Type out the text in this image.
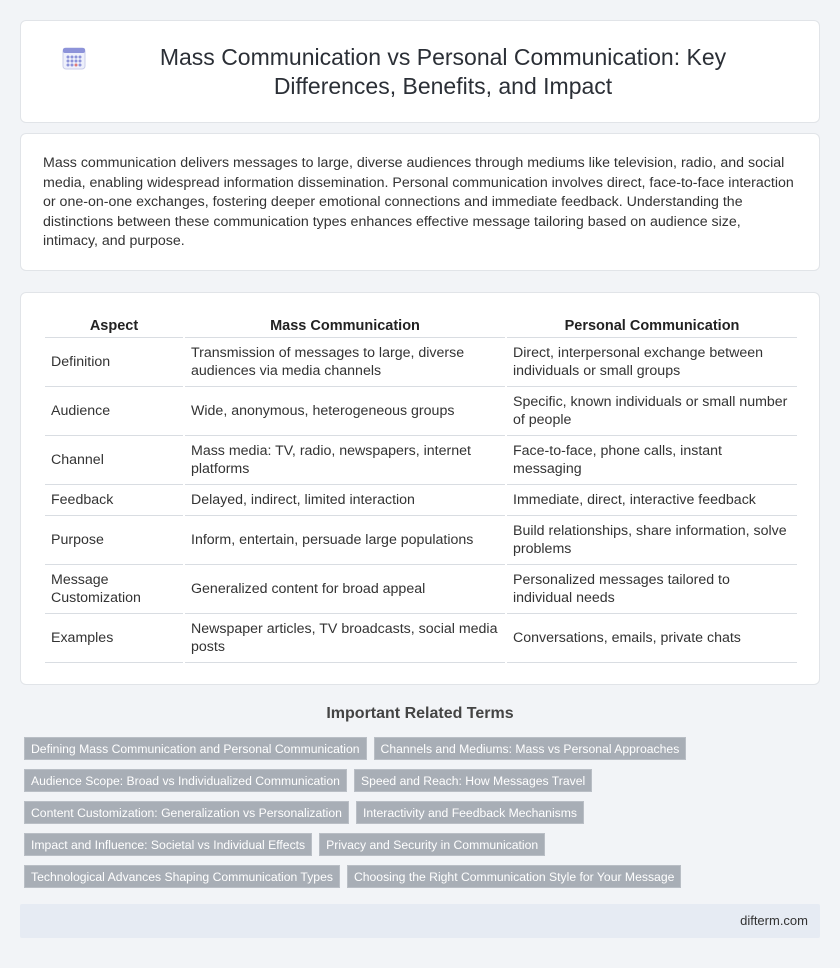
Mass Communication vs Personal Communication: Key Differences, Benefits, and Impact

Mass communication delivers messages to large, diverse audiences through mediums like television, radio, and social media, enabling widespread information dissemination. Personal communication involves direct, face-to-face interaction or one-on-one exchanges, fostering deeper emotional connections and immediate feedback. Understanding the distinctions between these communication types enhances effective message tailoring based on audience size, intimacy, and purpose.

Aspect	Mass Communication	Personal Communication
Definition	Transmission of messages to large, diverse audiences via media channels	Direct, interpersonal exchange between individuals or small groups
Audience	Wide, anonymous, heterogeneous groups	Specific, known individuals or small number of people
Channel	Mass media: TV, radio, newspapers, internet platforms	Face-to-face, phone calls, instant messaging
Feedback	Delayed, indirect, limited interaction	Immediate, direct, interactive feedback
Purpose	Inform, entertain, persuade large populations	Build relationships, share information, solve problems
Message Customization	Generalized content for broad appeal	Personalized messages tailored to individual needs
Examples	Newspaper articles, TV broadcasts, social media posts	Conversations, emails, private chats
Important Related Terms
Defining Mass Communication and Personal Communication	Channels and Mediums: Mass vs Personal Approaches
Audience Scope: Broad vs Individualized Communication	Speed and Reach: How Messages Travel
Content Customization: Generalization vs Personalization	Interactivity and Feedback Mechanisms
Impact and Influence: Societal vs Individual Effects	Privacy and Security in Communication
Technological Advances Shaping Communication Types	Choosing the Right Communication Style for Your Message
difterm.com
